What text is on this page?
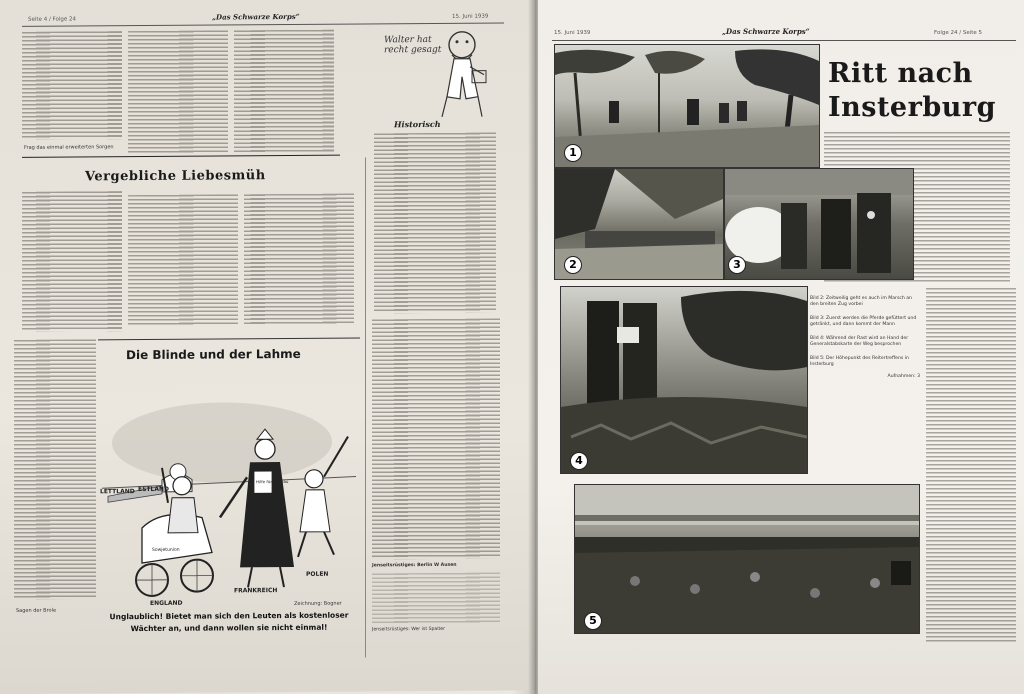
Seite 4 / Folge 24	„Das Schwarze Korps“	15. Juni 1939
Frag das einmal erweiterten Sorgen
Walter hat recht gesagt
Historisch
Vergebliche Liebesmüh
Sagen der Brole
Die Blinde und der Lahme
LETTLAND ESTLAND
Sowjetunion
Hilfe für Moskau
ENGLAND
FRANKREICH
POLEN
Zeichnung: Bogner
Unglaublich! Bietet man sich den Leuten als kostenloser
Wächter an, und dann wollen sie nicht einmal!
Jenseitsrüstiges: Berlin W Ausen
Jenseitsrüstiges: Wer ist Spalter
15. Juni 1939	„Das Schwarze Korps“	Folge 24 / Seite 5
Ritt nach
Insterburg
1
2	3
4
Bild 2: Zeitweilig geht es auch im Marsch an den breiten Zug vorbei
Bild 3: Zuerst werden die Pferde gefüttert und getränkt, und dann kommt der Mann
Bild 4: Während der Rast wird an Hand der Generalstabskarte der Weg besprochen
Bild 5: Der Höhepunkt des Reitertreffens in Insterburg
Aufnahmen: 3
5
